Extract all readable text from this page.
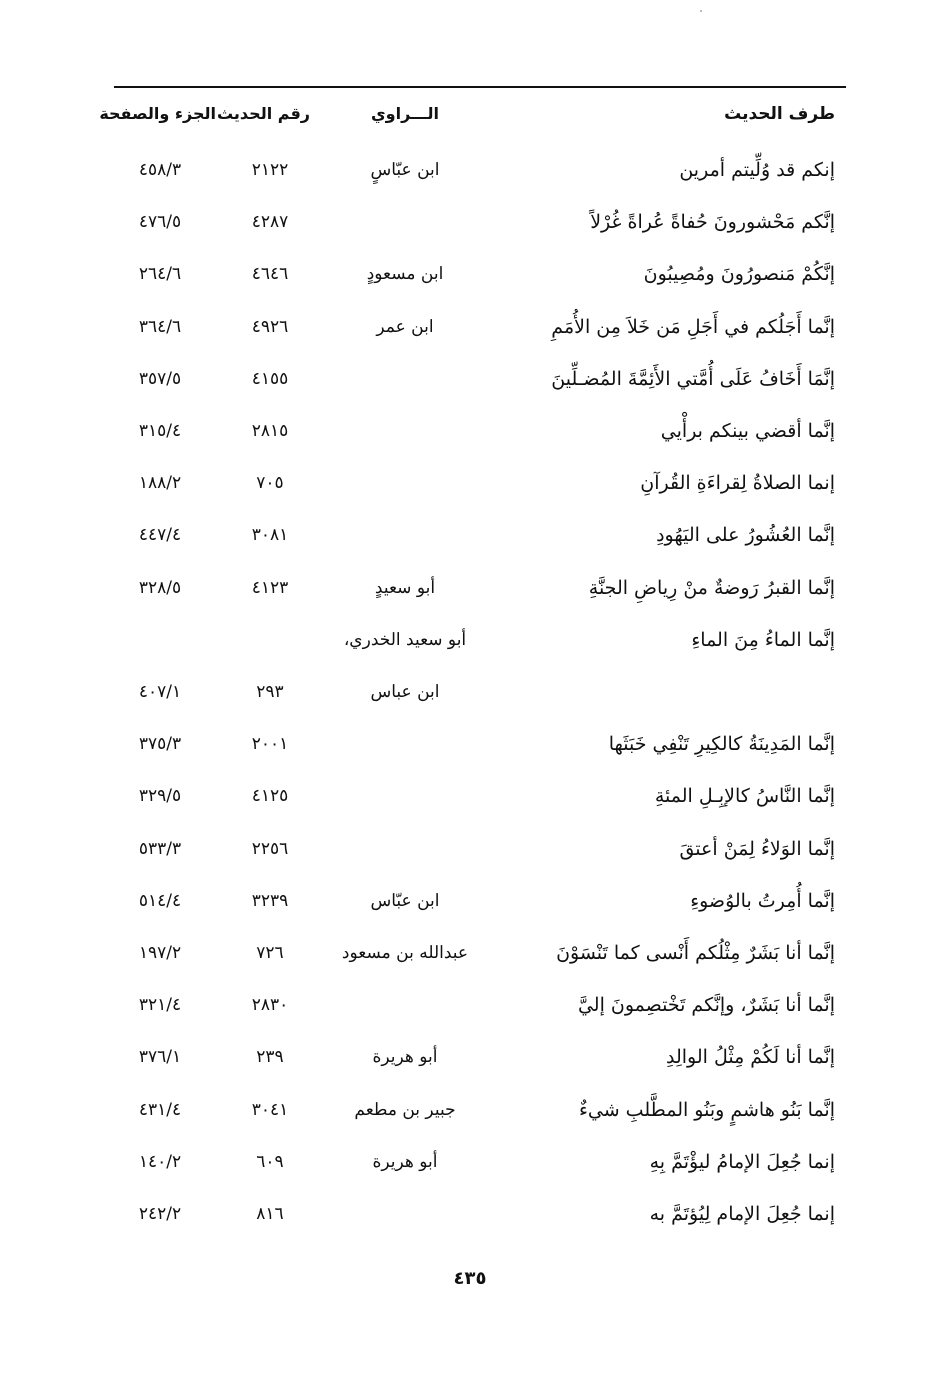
طرف الحديث
الـــراوي
رقم الحديث
الجزء والصفحة
إنكم قد وُلِّيتم أمرين
ابن عبّاسٍ
٢١٢٢
٤٥٨/٣
إنَّكم مَحْشورونَ حُفاةً عُراةً غُرْلاً
٤٢٨٧
٤٧٦/٥
إنَّكُمْ مَنصورُونَ ومُصِيبُونَ
ابن مسعودٍ
٤٦٤٦
٢٦٤/٦
إنَّما أَجَلُكم في أَجَلِ مَن خَلاَ مِن الأُمَمِ
ابن عمر
٤٩٢٦
٣٦٤/٦
إنَّمَا أَخَافُ عَلَى أُمَّتي الأَئِمَّةَ المُضـلِّينَ
٤١٥٥
٣٥٧/٥
إنَّما أقضي بينكم برأْيي
٢٨١٥
٣١٥/٤
إنما الصلاةُ لِقراءَةِ القُرآنِ
٧٠٥
١٨٨/٢
إنَّما العُشُورُ على اليَهُودِ
٣٠٨١
٤٤٧/٤
إنَّما القبرُ رَوضةٌ منْ رِياضِ الجنَّةِ
أبو سعيدٍ
٤١٢٣
٣٢٨/٥
إنَّما الماءُ مِنَ الماءِ
أبو سعيد الخدري،
ابن عباس
٢٩٣
٤٠٧/١
إنَّما المَدِينَةُ كالكِيرِ تَنْفِي خَبَثَها
٢٠٠١
٣٧٥/٣
إنَّما النَّاسُ كالإبِـلِ المئةِ
٤١٢٥
٣٢٩/٥
إنَّما الوَلاءُ لِمَنْ أعتقَ
٢٢٥٦
٥٣٣/٣
إنَّما أُمِرتُ بالوُضوءِ
ابن عبّاس
٣٢٣٩
٥١٤/٤
إنَّما أنا بَشَرٌ مِثْلُكم أَنْسى كما تَنْسَوْنَ
عبدالله بن مسعود
٧٢٦
١٩٧/٢
إنَّما أنا بَشَرٌ، وإنَّكم تَخْتصِمونَ إليَّ
٢٨٣٠
٣٢١/٤
إنَّما أنا لَكُمْ مِثْلُ الوالِدِ
أبو هريرة
٢٣٩
٣٧٦/١
إنَّما بَنُو هاشمٍ وبَنُو المطَّلبِ شيءٌ
جبير بن مطعم
٣٠٤١
٤٣١/٤
إنما جُعِلَ الإمامُ ليؤْتَمَّ بِهِ
أبو هريرة
٦٠٩
١٤٠/٢
إنما جُعِلَ الإمام لِيُؤتَمَّ به
٨١٦
٢٤٢/٢
٤٣٥
